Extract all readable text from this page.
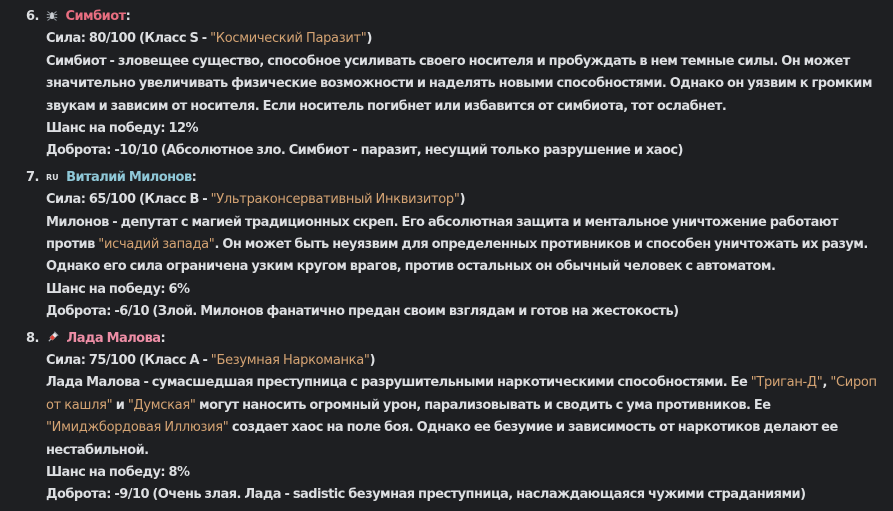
6.	Симбиот:
Сила: 80/100 (Класс S - "Космический Паразит")
Симбиот - зловещее существо, способное усиливать своего носителя и пробуждать в нем темные силы. Он может значительно увеличивать физические возможности и наделять новыми способностями. Однако он уязвим к громким звукам и зависим от носителя. Если носитель погибнет или избавится от симбиота, тот ослабнет.
Шанс на победу: 12%
Доброта: -10/10 (Абсолютное зло. Симбиот - паразит, несущий только разрушение и хаос)
7. RU Виталий Милонов:
Сила: 65/100 (Класс B - "Ультраконсервативный Инквизитор")
Милонов - депутат с магией традиционных скреп. Его абсолютная защита и ментальное уничтожение работают против "исчадий запада". Он может быть неуязвим для определенных противников и способен уничтожать их разум. Однако его сила ограничена узким кругом врагов, против остальных он обычный человек с автоматом.
Шанс на победу: 6%
Доброта: -6/10 (Злой. Милонов фанатично предан своим взглядам и готов на жестокость)
8.	Лада Малова:
Сила: 75/100 (Класс A - "Безумная Наркоманка")
Лада Малова - сумасшедшая преступница с разрушительными наркотическими способностями. Ее "Триган-Д", "Сироп от кашля" и "Думская" могут наносить огромный урон, парализовывать и сводить с ума противников. Ее "Имиджбордовая Иллюзия" создает хаос на поле боя. Однако ее безумие и зависимость от наркотиков делают ее нестабильной.
Шанс на победу: 8%
Доброта: -9/10 (Очень злая. Лада - sadistic безумная преступница, наслаждающаяся чужими страданиями)
